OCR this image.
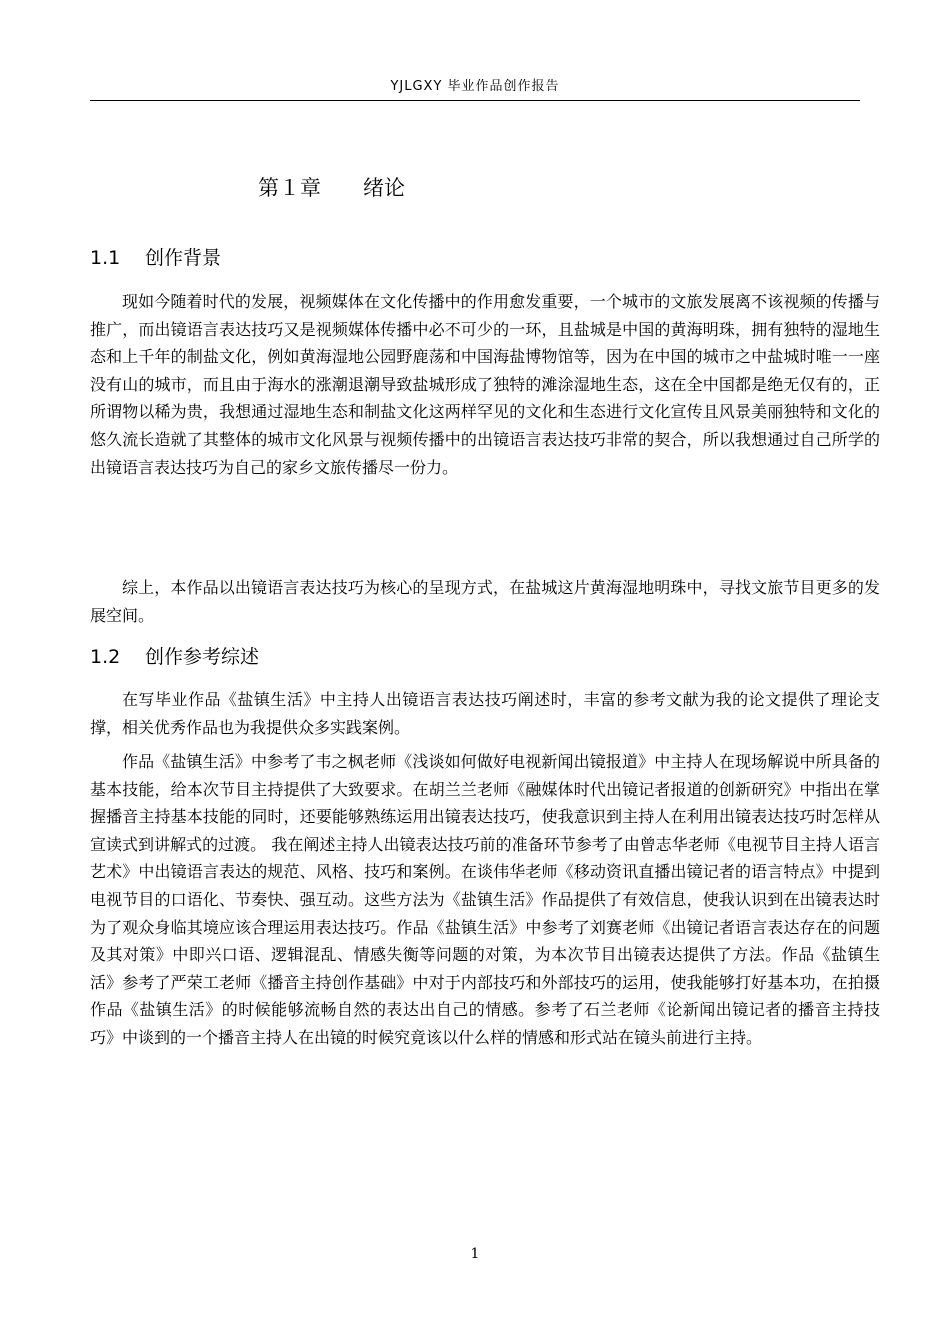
YJLGXY 毕业作品创作报告
第１章 绪论
1.1 创作背景

现如今随着时代的发展，视频媒体在文化传播中的作用愈发重要，一个城市的文旅发展离不该视频的传播与推广，而出镜语言表达技巧又是视频媒体传播中必不可少的一环，且盐城是中国的黄海明珠，拥有独特的湿地生态和上千年的制盐文化，例如黄海湿地公园野鹿荡和中国海盐博物馆等，因为在中国的城市之中盐城时唯一一座没有山的城市，而且由于海水的涨潮退潮导致盐城形成了独特的滩涂湿地生态，这在全中国都是绝无仅有的，正所谓物以稀为贵，我想通过湿地生态和制盐文化这两样罕见的文化和生态进行文化宣传且风景美丽独特和文化的悠久流长造就了其整体的城市文化风景与视频传播中的出镜语言表达技巧非常的契合，所以我想通过自己所学的出镜语言表达技巧为自己的家乡文旅传播尽一份力。

综上，本作品以出镜语言表达技巧为核心的呈现方式，在盐城这片黄海湿地明珠中，寻找文旅节目更多的发展空间。

1.2 创作参考综述

在写毕业作品《盐镇生活》中主持人出镜语言表达技巧阐述时，丰富的参考文献为我的论文提供了理论支撑，相关优秀作品也为我提供众多实践案例。

作品《盐镇生活》中参考了韦之枫老师《浅谈如何做好电视新闻出镜报道》中主持人在现场解说中所具备的基本技能，给本次节目主持提供了大致要求。在胡兰兰老师《融媒体时代出镜记者报道的创新研究》中指出在掌握播音主持基本技能的同时，还要能够熟练运用出镜表达技巧，使我意识到主持人在利用出镜表达技巧时怎样从宣读式到讲解式的过渡。 我在阐述主持人出镜表达技巧前的准备环节参考了由曾志华老师《电视节目主持人语言艺术》中出镜语言表达的规范、风格、技巧和案例。在谈伟华老师《移动资讯直播出镜记者的语言特点》中提到电视节目的口语化、节奏快、强互动。这些方法为《盐镇生活》作品提供了有效信息，使我认识到在出镜表达时为了观众身临其境应该合理运用表达技巧。作品《盐镇生活》中参考了刘赛老师《出镜记者语言表达存在的问题及其对策》中即兴口语、逻辑混乱、情感失衡等问题的对策，为本次节目出镜表达提供了方法。作品《盐镇生活》参考了严荣工老师《播音主持创作基础》中对于内部技巧和外部技巧的运用，使我能够打好基本功，在拍摄作品《盐镇生活》的时候能够流畅自然的表达出自己的情感。参考了石兰老师《论新闻出镜记者的播音主持技巧》中谈到的一个播音主持人在出镜的时候究竟该以什么样的情感和形式站在镜头前进行主持。

1
